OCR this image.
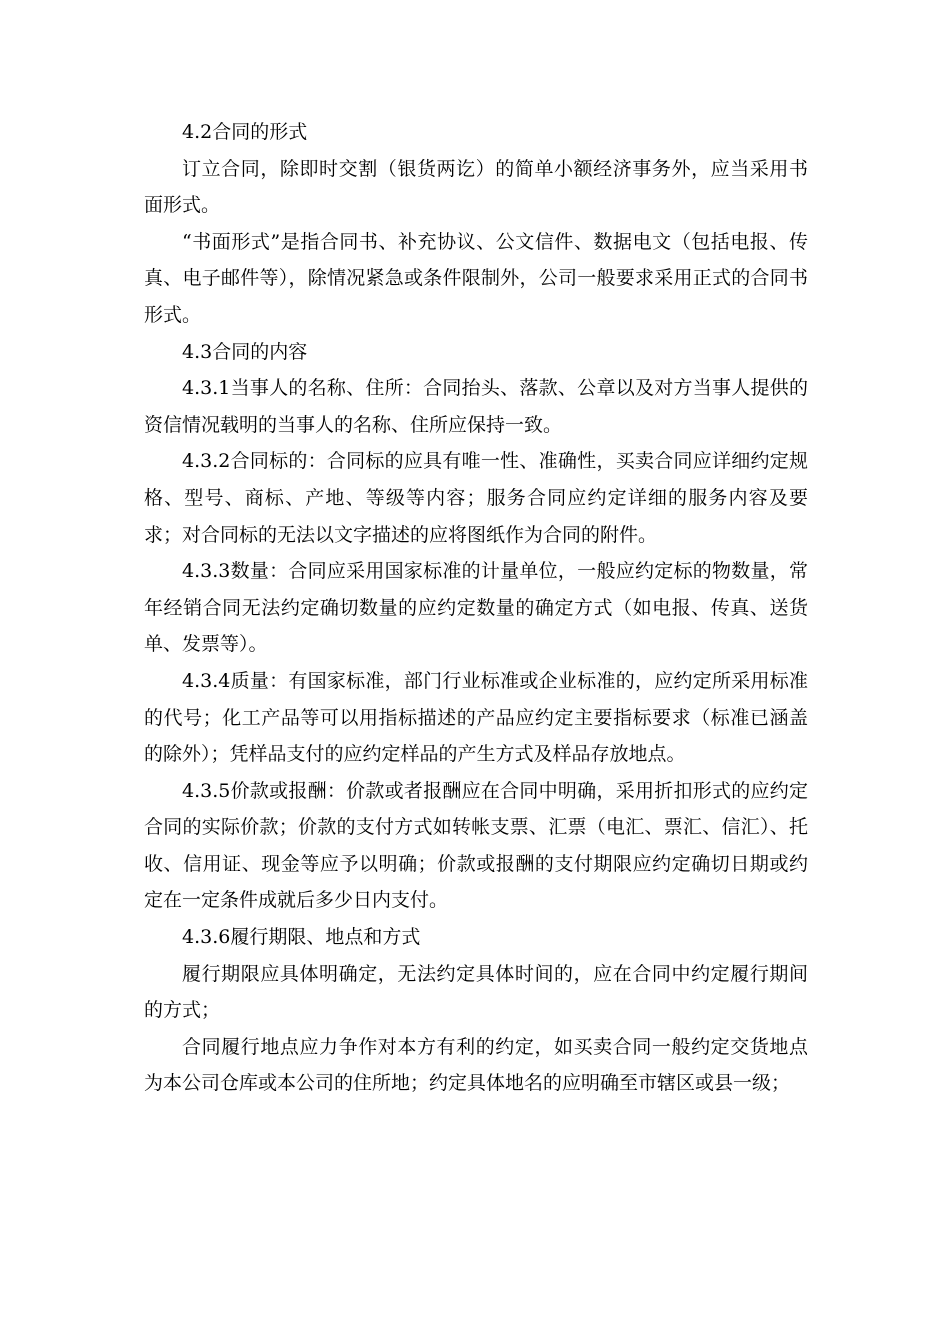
4.2合同的形式

订立合同，除即时交割（银货两讫）的简单小额经济事务外，应当采用书面形式。

“书面形式”是指合同书、补充协议、公文信件、数据电文（包括电报、传真、电子邮件等），除情况紧急或条件限制外，公司一般要求采用正式的合同书形式。

4.3合同的内容

4.3.1当事人的名称、住所：合同抬头、落款、公章以及对方当事人提供的资信情况载明的当事人的名称、住所应保持一致。

4.3.2合同标的：合同标的应具有唯一性、准确性，买卖合同应详细约定规格、型号、商标、产地、等级等内容；服务合同应约定详细的服务内容及要求；对合同标的无法以文字描述的应将图纸作为合同的附件。

4.3.3数量：合同应采用国家标准的计量单位，一般应约定标的物数量，常年经销合同无法约定确切数量的应约定数量的确定方式（如电报、传真、送货单、发票等）。

4.3.4质量：有国家标准，部门行业标准或企业标准的，应约定所采用标准的代号；化工产品等可以用指标描述的产品应约定主要指标要求（标准已涵盖的除外）；凭样品支付的应约定样品的产生方式及样品存放地点。

4.3.5价款或报酬：价款或者报酬应在合同中明确，采用折扣形式的应约定合同的实际价款；价款的支付方式如转帐支票、汇票（电汇、票汇、信汇）、托收、信用证、现金等应予以明确；价款或报酬的支付期限应约定确切日期或约定在一定条件成就后多少日内支付。

4.3.6履行期限、地点和方式

履行期限应具体明确定，无法约定具体时间的，应在合同中约定履行期间的方式；

合同履行地点应力争作对本方有利的约定，如买卖合同一般约定交货地点为本公司仓库或本公司的住所地；约定具体地名的应明确至市辖区或县一级；
